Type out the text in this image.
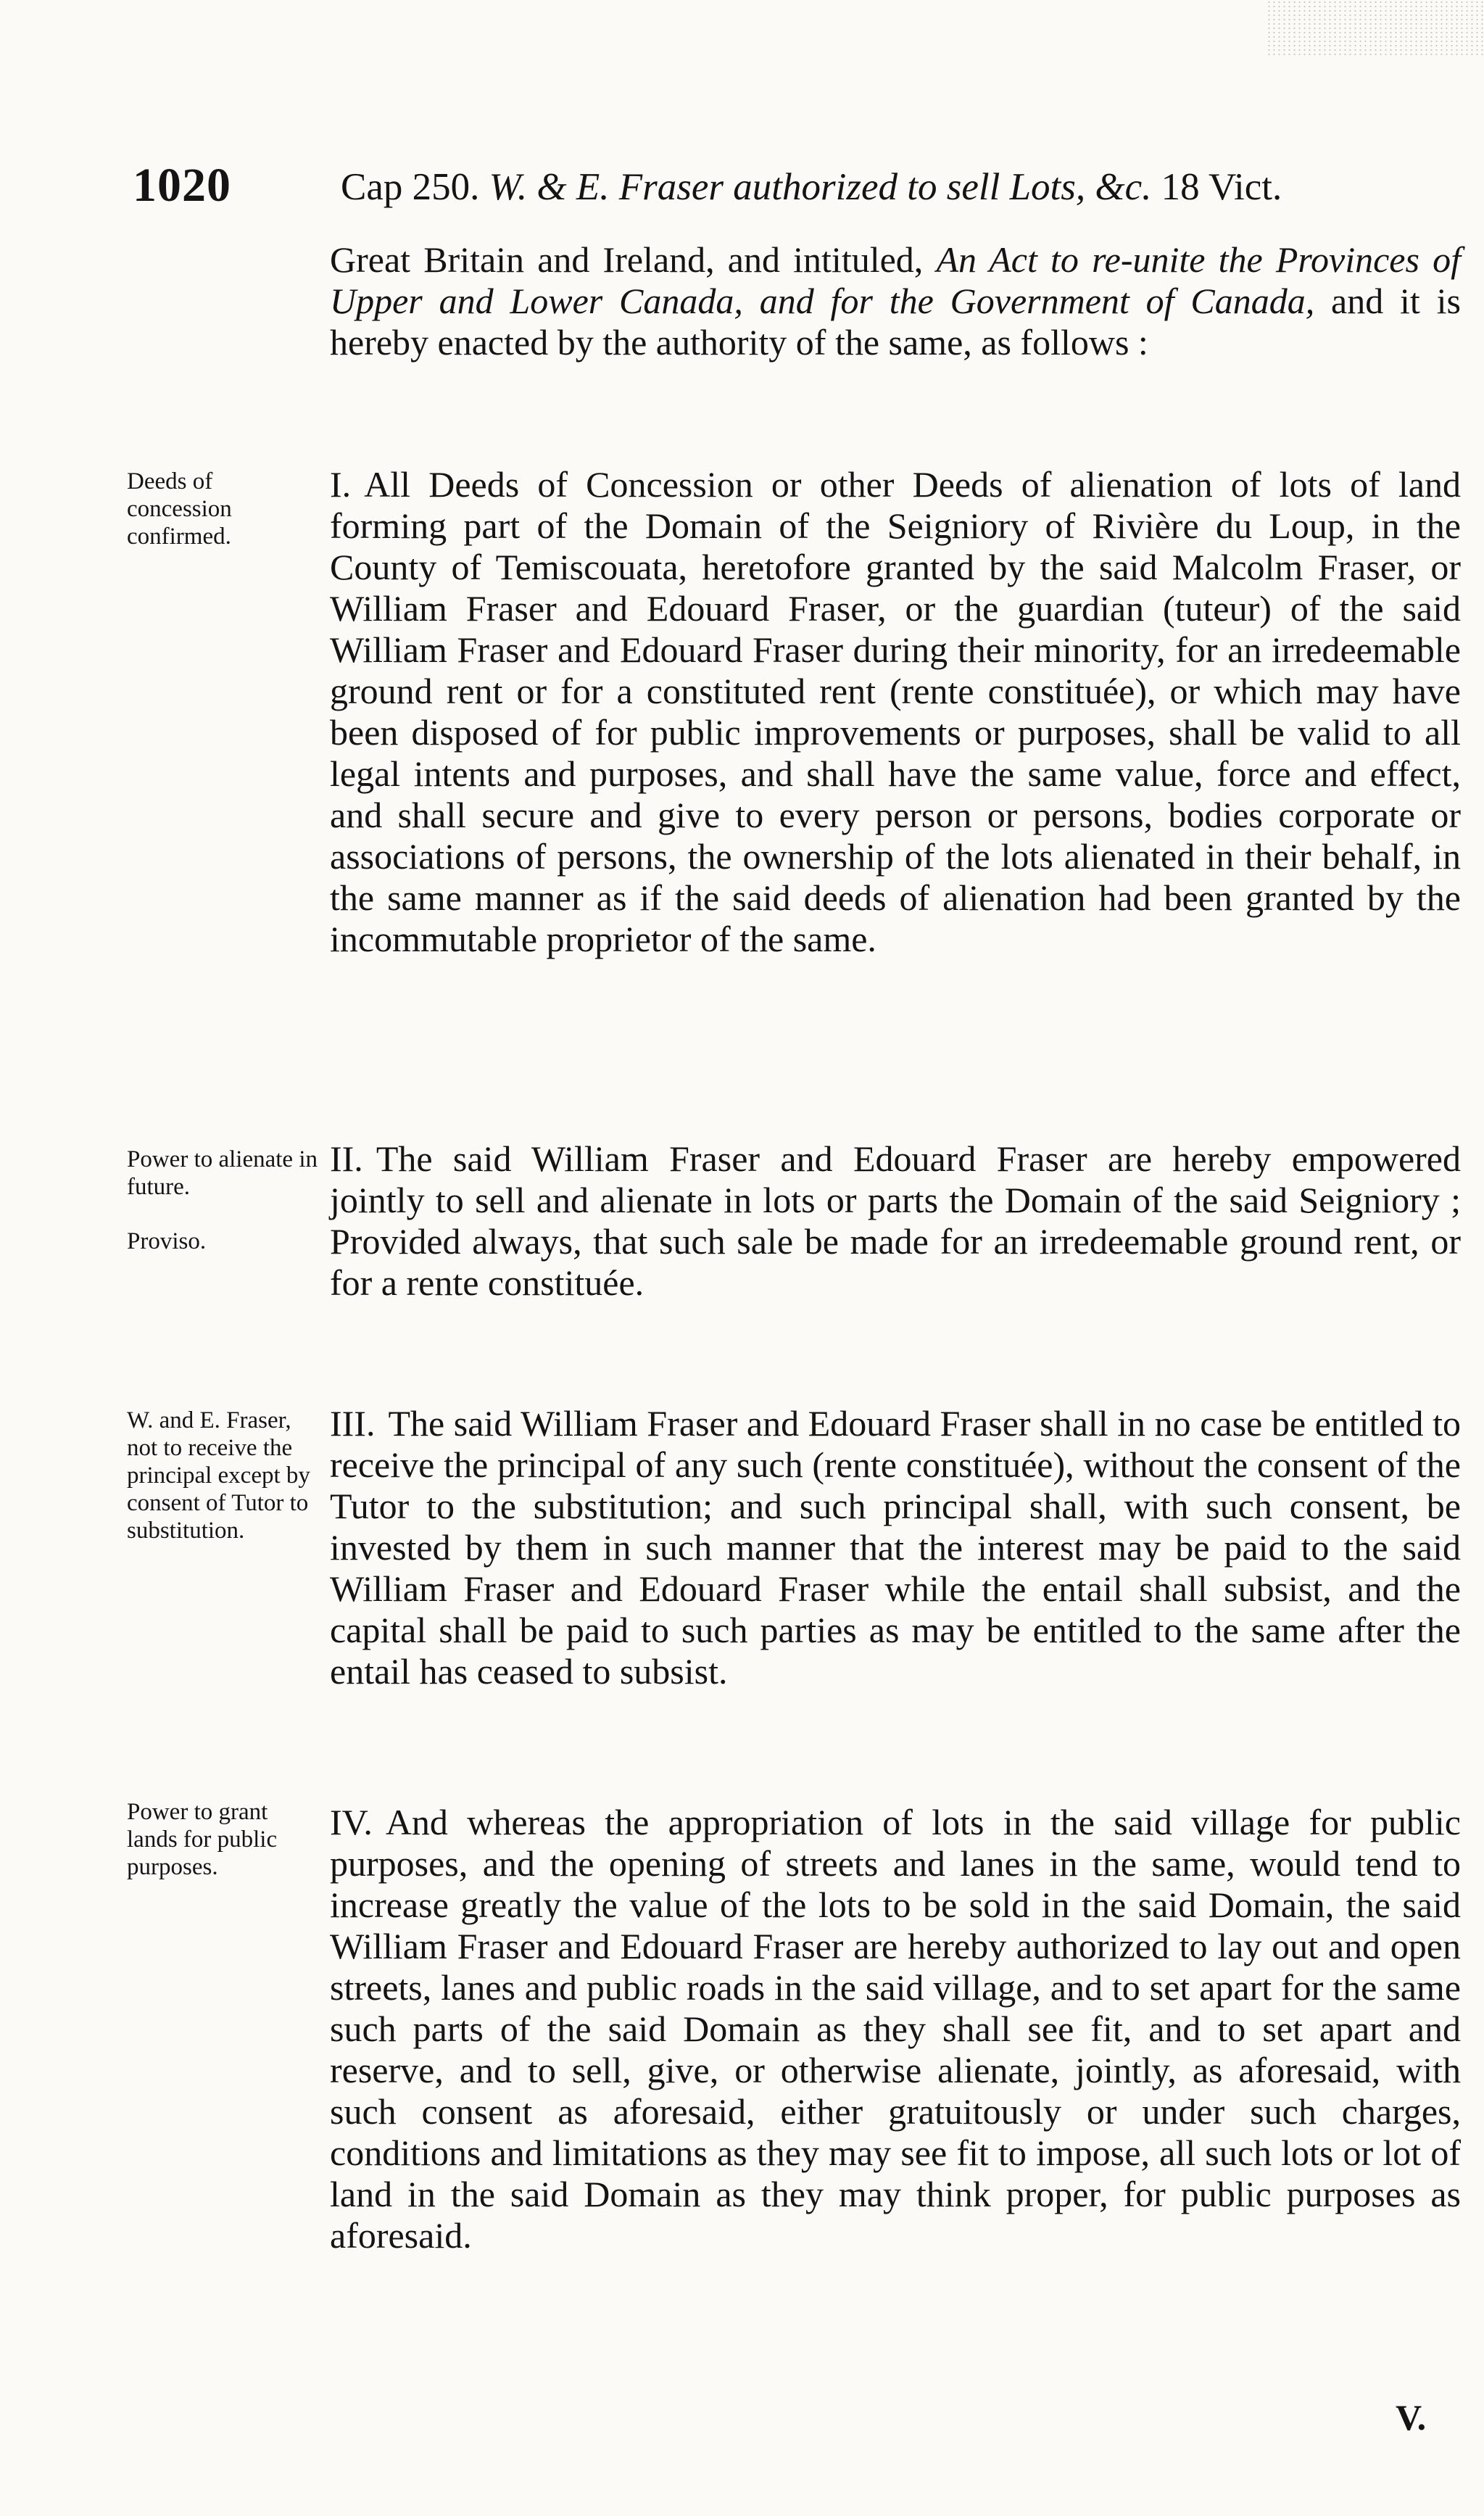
1020	Cap 250. W. & E. Fraser authorized to sell Lots, &c. 18 Vict.

Great Britain and Ireland, and intituled, An Act to re-unite the Provinces of Upper and Lower Canada, and for the Government of Canada, and it is hereby enacted by the authority of the same, as follows :

Deeds of concession confirmed.

I. All Deeds of Concession or other Deeds of alienation of lots of land forming part of the Domain of the Seigniory of Rivière du Loup, in the County of Temiscouata, heretofore granted by the said Malcolm Fraser, or William Fraser and Edouard Fraser, or the guardian (tuteur) of the said William Fraser and Edouard Fraser during their minority, for an irredeemable ground rent or for a constituted rent (rente constituée), or which may have been disposed of for public improvements or purposes, shall be valid to all legal intents and purposes, and shall have the same value, force and effect, and shall secure and give to every person or persons, bodies corporate or associations of persons, the ownership of the lots alienated in their behalf, in the same manner as if the said deeds of alienation had been granted by the incommutable proprietor of the same.

Power to alienate in future.
Proviso.

II. The said William Fraser and Edouard Fraser are hereby empowered jointly to sell and alienate in lots or parts the Domain of the said Seigniory ; Provided always, that such sale be made for an irredeemable ground rent, or for a rente constituée.

W. and E. Fraser, not to receive the principal except by consent of Tutor to substitution.

III. The said William Fraser and Edouard Fraser shall in no case be entitled to receive the principal of any such (rente constituée), without the consent of the Tutor to the substitution; and such principal shall, with such consent, be invested by them in such manner that the interest may be paid to the said William Fraser and Edouard Fraser while the entail shall subsist, and the capital shall be paid to such parties as may be entitled to the same after the entail has ceased to subsist.

Power to grant lands for public purposes.

IV. And whereas the appropriation of lots in the said village for public purposes, and the opening of streets and lanes in the same, would tend to increase greatly the value of the lots to be sold in the said Domain, the said William Fraser and Edouard Fraser are hereby authorized to lay out and open streets, lanes and public roads in the said village, and to set apart for the same such parts of the said Domain as they shall see fit, and to set apart and reserve, and to sell, give, or otherwise alienate, jointly, as aforesaid, with such consent as aforesaid, either gratuitously or under such charges, conditions and limitations as they may see fit to impose, all such lots or lot of land in the said Domain as they may think proper, for public purposes as aforesaid.

V.
